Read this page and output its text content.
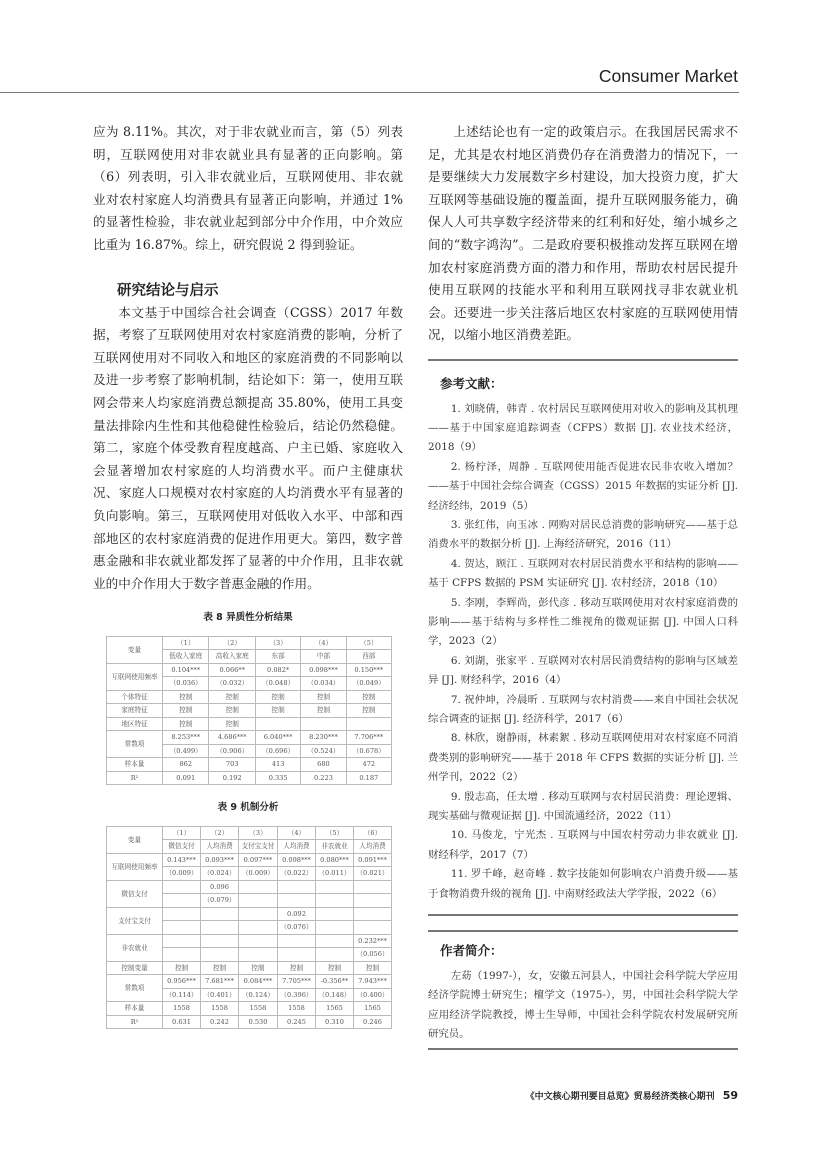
Consumer Market
应为 8.11%。其次，对于非农就业而言，第（5）列表明，互联网使用对非农就业具有显著的正向影响。第（6）列表明，引入非农就业后，互联网使用、非农就业对农村家庭人均消费具有显著正向影响，并通过 1% 的显著性检验，非农就业起到部分中介作用，中介效应比重为 16.87%。综上，研究假说 2 得到验证。
研究结论与启示
本文基于中国综合社会调查（CGSS）2017 年数据，考察了互联网使用对农村家庭消费的影响，分析了互联网使用对不同收入和地区的家庭消费的不同影响以及进一步考察了影响机制，结论如下：第一，使用互联网会带来人均家庭消费总额提高 35.80%，使用工具变量法排除内生性和其他稳健性检验后，结论仍然稳健。第二，家庭个体受教育程度越高、户主已婚、家庭收入会显著增加农村家庭的人均消费水平。而户主健康状况、家庭人口规模对农村家庭的人均消费水平有显著的负向影响。第三，互联网使用对低收入水平、中部和西部地区的农村家庭消费的促进作用更大。第四，数字普惠金融和非农就业都发挥了显著的中介作用，且非农就业的中介作用大于数字普惠金融的作用。
表 8 异质性分析结果
变量	（1）	（2）	（3）	（4）	（5）
	低收入家庭	高收入家庭	东部	中部	西部
互联网使用频率	0.104***	0.066**	0.082*	0.098***	0.150***
	（0.036）	（0.032）	（0.048）	（0.034）	（0.049）
个体特征	控制	控制	控制	控制	控制
家庭特征	控制	控制	控制	控制	控制
地区特征	控制	控制			
常数项	8.253***	4.686***	6.040***	8.230***	7.706***
	（0.499）	（0.906）	（0.696）	（0.524）	（0.678）
样本量	862	703	413	680	472
R²	0.091	0.192	0.335	0.223	0.187
表 9 机制分析
变量	（1）	（2）	（3）	（4）	（5）	（6）
	微信支付	人均消费	支付宝支付	人均消费	非农就业	人均消费
互联网使用频率	0.143***	0.093***	0.097***	0.098***	0.080***	0.091***
	（0.009）	（0.024）	（0.009）	（0.022）	（0.011）	（0.021）
微信支付		0.096				
		（0.079）				
支付宝支付				0.092		
				（0.076）		
非农就业						0.232***
						（0.056）
控制变量	控制	控制	控制	控制	控制	控制
常数项	0.956***	7.681***	0.084***	7.705***	-0.356**	7.943***
	（0.114）	（0.401）	（0.124）	（0.396）	（0.148）	（0.400）
样本量	1558	1558	1558	1558	1565	1565
R²	0.631	0.242	0.530	0.245	0.310	0.246
上述结论也有一定的政策启示。在我国居民需求不足，尤其是农村地区消费仍存在消费潜力的情况下，一是要继续大力发展数字乡村建设，加大投资力度，扩大互联网等基础设施的覆盖面，提升互联网服务能力，确保人人可共享数字经济带来的红利和好处，缩小城乡之间的“数字鸿沟”。二是政府要积极推动发挥互联网在增加农村家庭消费方面的潜力和作用，帮助农村居民提升使用互联网的技能水平和利用互联网找寻非农就业机会。还要进一步关注落后地区农村家庭的互联网使用情况，以缩小地区消费差距。
参考文献：
1. 刘晓倩，韩青 . 农村居民互联网使用对收入的影响及其机理——基于中国家庭追踪调查（CFPS）数据 [J]. 农业技术经济，2018（9）
2. 杨柠泽，周静 . 互联网使用能否促进农民非农收入增加？——基于中国社会综合调查（CGSS）2015 年数据的实证分析 [J]. 经济经纬，2019（5）
3. 张红伟，向玉冰 . 网购对居民总消费的影响研究——基于总消费水平的数据分析 [J]. 上海经济研究，2016（11）
4. 贺达，顾江 . 互联网对农村居民消费水平和结构的影响——基于 CFPS 数据的 PSM 实证研究 [J]. 农村经济，2018（10）
5. 李刚，李辉尚，彭代彦 . 移动互联网使用对农村家庭消费的影响——基于结构与多样性二维视角的微观证据 [J]. 中国人口科学，2023（2）
6. 刘湖，张家平 . 互联网对农村居民消费结构的影响与区域差异 [J]. 财经科学，2016（4）
7. 祝仲坤，冷晨昕 . 互联网与农村消费——来自中国社会状况综合调查的证据 [J]. 经济科学，2017（6）
8. 林欣，谢静雨，林素絮 . 移动互联网使用对农村家庭不同消费类别的影响研究——基于 2018 年 CFPS 数据的实证分析 [J]. 兰州学刊，2022（2）
9. 殷志高，任太增 . 移动互联网与农村居民消费：理论逻辑、现实基础与微观证据 [J]. 中国流通经济，2022（11）
10. 马俊龙，宁光杰 . 互联网与中国农村劳动力非农就业 [J]. 财经科学，2017（7）
11. 罗千峰，赵奇峰 . 数字技能如何影响农户消费升级——基于食物消费升级的视角 [J]. 中南财经政法大学学报，2022（6）
作者简介：
左苭（1997-），女，安徽五河县人，中国社会科学院大学应用经济学院博士研究生；檀学文（1975-），男，中国社会科学院大学应用经济学院教授，博士生导师，中国社会科学院农村发展研究所研究员。
《中文核心期刊要目总览》贸易经济类核心期刊 59
